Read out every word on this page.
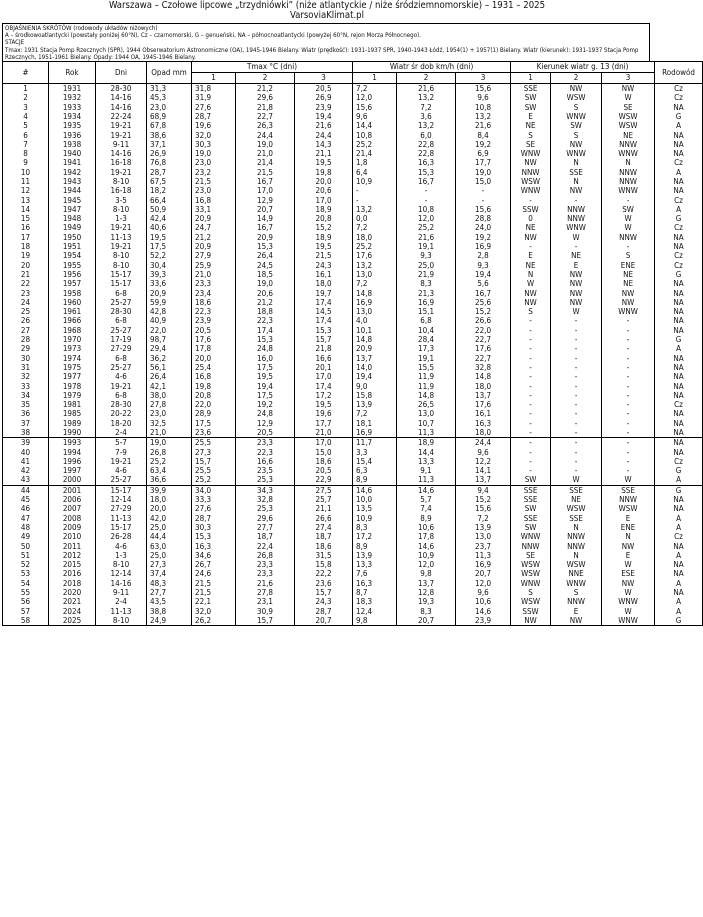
Warszawa – Czołowe lipcowe „trzydniówki” (niże atlantyckie / niże śródziemnomorskie) – 1931 – 2025
VarsoviaKlimat.pl
OBJAŚNIENIA SKRÓTÓW (rodowody układów niżowych)
A – środkowoatlantycki (powstały poniżej 60°N), Cz – czarnomorski, G – genueński, NA – północnoatlantycki (powyżej 60°N, rejon Morza Północnego).
STACJE
Tmax: 1931 Stacja Pomp Rzecznych (SPR), 1944 Obserwatorium Astronomiczne (OA), 1945-1946 Bielany. Wiatr (prędkość): 1931-1937 SPR, 1940-1943 Łódź, 1954(1) + 1957(1) Bielany. Wiatr (kierunek): 1931-1937 Stacja Pomp Rzecznych, 1951-1961 Bielany. Opady: 1944 OA, 1945-1946 Bielany.
#	Rok	Dni	Opad mm	Tmax °C (dni)			Wiatr śr dob km/h (dni)			Kierunek wiatr g. 13 (dni)			Rodowód
				1	2	3	1	2	3	1	2	3	
1	1931	28-30	31,3	31,8	21,2	20,5	7,2	21,6	15,6	SSE	NW	NW	Cz
2	1932	14-16	45,3	31,9	29,6	26,9	12,0	13,2	9,6	SW	WSW	W	Cz
3	1933	14-16	23,0	27,6	21,8	23,9	15,6	7,2	10,8	SW	S	SE	NA
4	1934	22-24	68,9	28,7	22,7	19,4	9,6	3,6	13,2	E	WNW	WSW	G
5	1935	19-21	67,8	19,6	26,3	21,6	14,4	13,2	21,6	NE	SW	WSW	A
6	1936	19-21	38,6	32,0	24,4	24,4	10,8	6,0	8,4	S	S	NE	NA
7	1938	9-11	37,1	30,3	19,0	14,3	25,2	22,8	19,2	SE	NW	NNW	NA
8	1940	14-16	26,9	19,0	21,0	21,1	21,4	22,8	6,9	WNW	WNW	WNW	NA
9	1941	16-18	76,8	23,0	21,4	19,5	1,8	16,3	17,7	NW	N	N	Cz
10	1942	19-21	28,7	23,2	21,5	19,8	6,4	15,3	19,0	NNW	SSE	NNW	A
11	1943	8-10	67,5	21,5	16,7	20,0	10,9	16,7	15,0	WSW	N	NNW	NA
12	1944	16-18	18,2	23,0	17,0	20,6	-	-	-	WNW	NW	WNW	NA
13	1945	3-5	66,4	16,8	12,9	17,0	-	-	-	-	-	-	Cz
14	1947	8-10	50,9	33,1	20,7	18,9	13,2	10,8	15,6	SSW	NNW	SW	A
15	1948	1-3	42,4	20,9	14,9	20,8	0,0	12,0	28,8	0	NNW	W	G
16	1949	19-21	40,6	24,7	16,7	15,2	7,2	25,2	24,0	NE	WNW	W	Cz
17	1950	11-13	19,5	21,2	20,9	18,9	18,0	21,6	19,2	NW	W	NNW	NA
18	1951	19-21	17,5	20,9	15,3	19,5	25,2	19,1	16,9	-	-	-	NA
19	1954	8-10	52,2	27,9	26,4	21,5	17,6	9,3	2,8	E	NE	S	Cz
20	1955	8-10	30,4	25,9	24,5	24,3	13,2	25,0	9,3	NE	E	ENE	Cz
21	1956	15-17	39,3	21,0	18,5	16,1	13,0	21,9	19,4	N	NW	NE	G
22	1957	15-17	33,6	23,3	19,0	18,0	7,2	8,3	5,6	W	NW	NE	NA
23	1958	6-8	20,9	23,4	20,6	19,7	14,8	21,3	16,7	NW	NW	NW	NA
24	1960	25-27	59,9	18,6	21,2	17,4	16,9	16,9	25,6	NW	NW	NW	NA
25	1961	28-30	42,8	22,3	18,8	14,5	13,0	15,1	15,2	S	W	WNW	NA
26	1966	6-8	40,9	23,9	22,3	17,4	4,0	6,8	26,6	-	-	-	NA
27	1968	25-27	22,0	20,5	17,4	15,3	10,1	10,4	22,0	-	-	-	NA
28	1970	17-19	98,7	17,6	15,3	15,7	14,8	28,4	22,7	-	-	-	G
29	1973	27-29	29,4	17,8	24,8	21,8	20,9	17,3	17,6	-	-	-	A
30	1974	6-8	36,2	20,0	16,0	16,6	13,7	19,1	22,7	-	-	-	NA
31	1975	25-27	56,1	25,4	17,5	20,1	14,0	15,5	32,8	-	-	-	NA
32	1977	4-6	26,4	16,8	19,5	17,0	19,4	11,9	14,8	-	-	-	NA
33	1978	19-21	42,1	19,8	19,4	17,4	9,0	11,9	18,0	-	-	-	NA
34	1979	6-8	38,0	20,8	17,5	17,2	15,8	14,8	13,7	-	-	-	NA
35	1981	28-30	27,8	22,0	19,2	19,5	13,9	26,5	17,6	-	-	-	Cz
36	1985	20-22	23,0	28,9	24,8	19,6	7,2	13,0	16,1	-	-	-	NA
37	1989	18-20	32,5	17,5	12,9	17,7	18,1	10,7	16,3	-	-	-	NA
38	1990	2-4	21,0	23,6	20,5	21,0	16,9	11,3	18,0	-	-	-	NA
39	1993	5-7	19,0	25,5	23,3	17,0	11,7	18,9	24,4	-	-	-	NA
40	1994	7-9	26,8	27,3	22,3	15,0	3,3	14,4	9,6	-	-	-	NA
41	1996	19-21	25,2	15,7	16,6	18,6	15,4	13,3	12,2	-	-	-	Cz
42	1997	4-6	63,4	25,5	23,5	20,5	6,3	9,1	14,1	-	-	-	G
43	2000	25-27	36,6	25,2	25,3	22,9	8,9	11,3	13,7	SW	W	W	A
44	2001	15-17	39,9	34,0	34,3	27,5	14,6	14,6	9,4	SSE	SSE	SSE	G
45	2006	12-14	18,0	33,3	32,8	25,7	10,0	5,7	15,2	SSE	NE	NNW	NA
46	2007	27-29	20,0	27,6	25,3	21,1	13,5	7,4	15,6	SW	WSW	WSW	NA
47	2008	11-13	42,0	28,7	29,6	26,6	10,9	8,9	7,2	SSE	SSE	E	A
48	2009	15-17	25,0	30,3	27,7	27,4	8,3	10,6	13,9	SW	N	ENE	A
49	2010	26-28	44,4	15,3	18,7	18,7	17,2	17,8	13,0	WNW	NNW	N	Cz
50	2011	4-6	63,0	16,3	22,4	18,6	8,9	14,6	23,7	NNW	NNW	NW	NA
51	2012	1-3	25,0	34,6	26,8	31,5	13,9	10,9	11,3	SE	N	E	A
52	2015	8-10	27,3	26,7	23,3	15,8	13,3	12,0	16,9	WSW	WSW	W	NA
53	2016	12-14	37,4	24,6	23,3	22,2	7,6	9,8	20,7	WSW	NNE	ESE	NA
54	2018	14-16	48,3	21,5	21,6	23,6	16,3	13,7	12,0	WNW	WNW	NW	A
55	2020	9-11	27,7	21,5	27,8	15,7	8,7	12,8	9,6	S	S	W	NA
56	2021	2-4	43,5	22,1	23,1	24,3	18,3	19,3	10,6	WSW	NNW	WNW	A
57	2024	11-13	38,8	32,0	30,9	28,7	12,4	8,3	14,6	SSW	E	W	A
58	2025	8-10	24,9	26,2	15,7	20,7	9,8	20,7	23,9	NW	NW	WNW	G
